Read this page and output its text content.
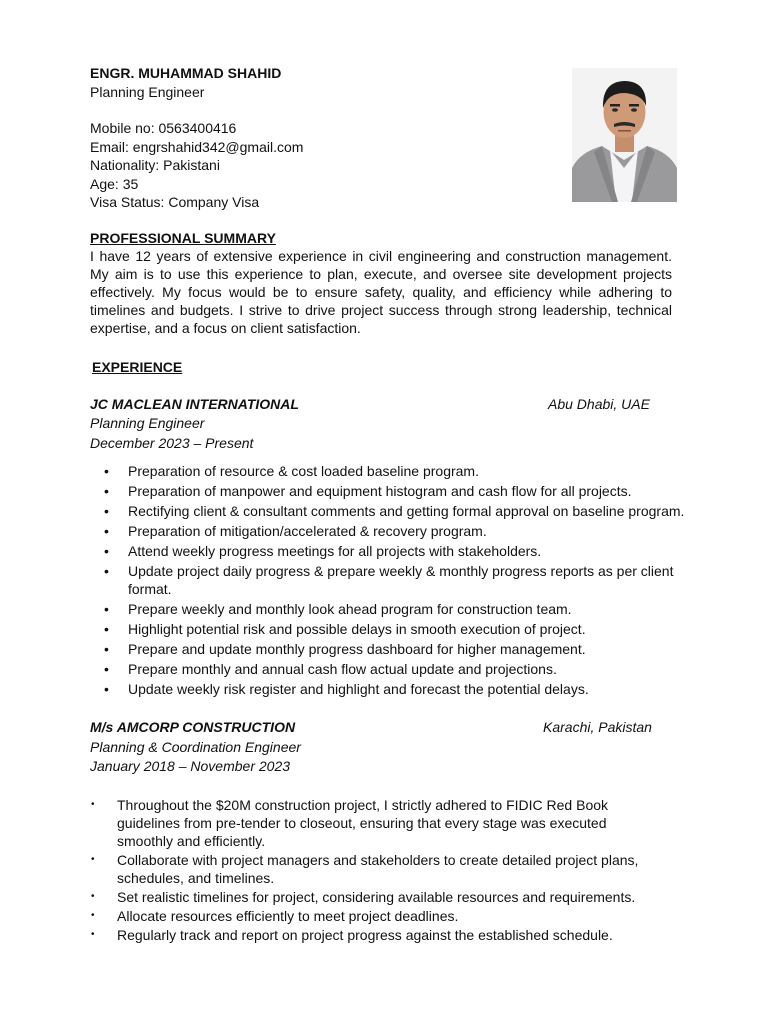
ENGR. MUHAMMAD SHAHID
Planning Engineer
Mobile no: 0563400416
Email: engrshahid342@gmail.com
Nationality: Pakistani
Age: 35
Visa Status: Company Visa
PROFESSIONAL SUMMARY
I have 12 years of extensive experience in civil engineering and construction management. My aim is to use this experience to plan, execute, and oversee site development projects effectively. My focus would be to ensure safety, quality, and efficiency while adhering to timelines and budgets. I strive to drive project success through strong leadership, technical expertise, and a focus on client satisfaction.
EXPERIENCE
JC MACLEAN INTERNATIONAL	Abu Dhabi, UAE
Planning Engineer
December 2023 – Present
• Preparation of resource & cost loaded baseline program.
• Preparation of manpower and equipment histogram and cash flow for all projects.
• Rectifying client & consultant comments and getting formal approval on baseline program.
• Preparation of mitigation/accelerated & recovery program.
• Attend weekly progress meetings for all projects with stakeholders.
• Update project daily progress & prepare weekly & monthly progress reports as per client format.
• Prepare weekly and monthly look ahead program for construction team.
• Highlight potential risk and possible delays in smooth execution of project.
• Prepare and update monthly progress dashboard for higher management.
• Prepare monthly and annual cash flow actual update and projections.
• Update weekly risk register and highlight and forecast the potential delays.
M/s AMCORP CONSTRUCTION	Karachi, Pakistan
Planning & Coordination Engineer
January 2018 – November 2023
• Throughout the $20M construction project, I strictly adhered to FIDIC Red Book guidelines from pre-tender to closeout, ensuring that every stage was executed smoothly and efficiently.
• Collaborate with project managers and stakeholders to create detailed project plans, schedules, and timelines.
• Set realistic timelines for project, considering available resources and requirements.
• Allocate resources efficiently to meet project deadlines.
• Regularly track and report on project progress against the established schedule.
